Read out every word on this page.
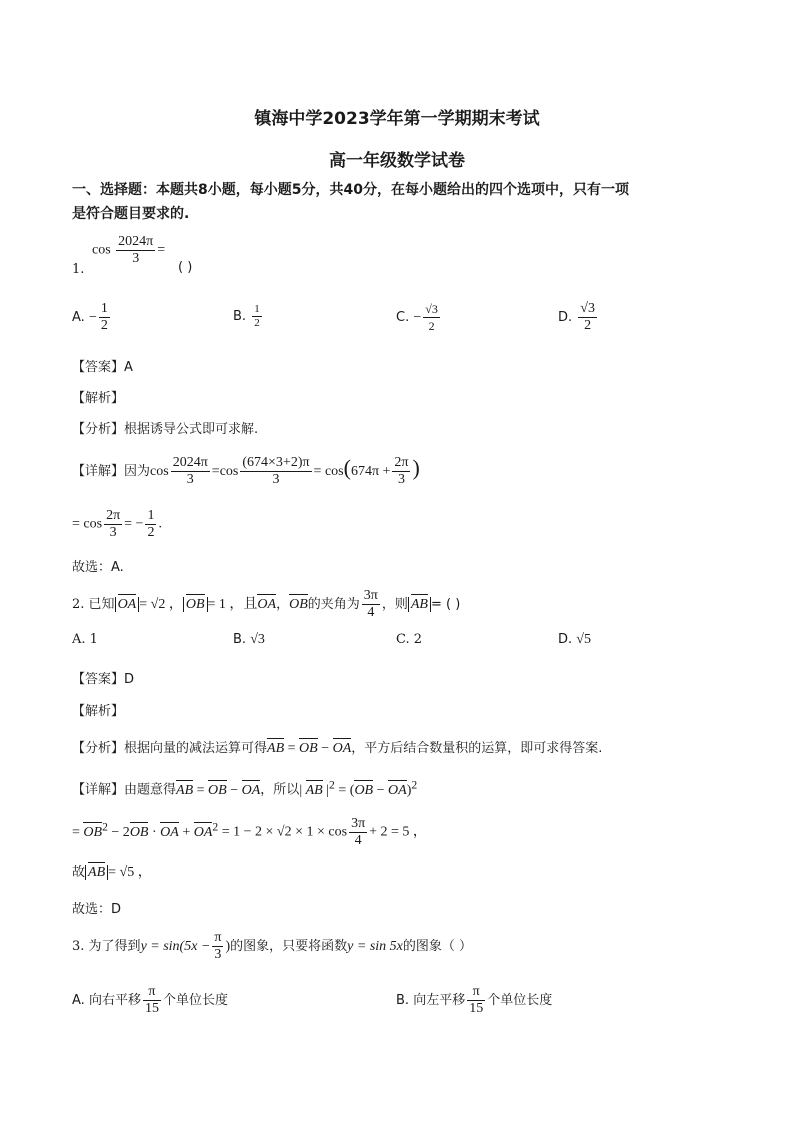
镇海中学2023学年第一学期期末考试
高一年级数学试卷
一、选择题：本题共8小题，每小题5分，共40分，在每小题给出的四个选项中，只有一项
是符合题目要求的.
$\cos \frac{2024\pi}{3}$ =
1.	( )
A. − $\frac{1}{2}$	B. $\frac{1}{2}$	C. − $\frac{√3}{2}$	D. $\frac{√3}{2}$
【答案】A
【解析】
【分析】根据诱导公式即可求解.
【详解】因为$\cos \frac{2024\pi}{3} =\cos \frac{(674\times 3+2)\pi}{3} = \cos(674\pi + \frac{2\pi}{3}$ )
= $\cos \frac{2\pi}{3}$ = − $\frac{1}{2}$ .
故选：A.
2. 已知 OA = √2 ， OB = 1 ，且OA，OB的夹角为 $\frac{3\pi}{4}$ ，则 AB = ( )
A. 1	B. √3	C. 2	D. √5
【答案】D
【解析】
【分析】根据向量的减法运算可得AB = OB − OA，平方后结合数量积的运算，即可求得答案.
【详解】由题意得AB = OB − OA，所以| AB $|^2 = (OB - OA)^2$
= $OB^2 - 2OB$ · OA + $OA^2 = 1 - 2 \times √2 \times 1 \times \cos \frac{3\pi}{4} + 2 = 5$ ，
故 AB = √5 ，
故选：D
3. 为了得到$y = \sin(5x - \frac{\pi}{3}$ )的图象，只要将函数y = sin 5x的图象（ ）
A. 向右平移 $\frac{\pi}{15}$ 个单位长度	B. 向左平移 $\frac{\pi}{15}$ 个单位长度
